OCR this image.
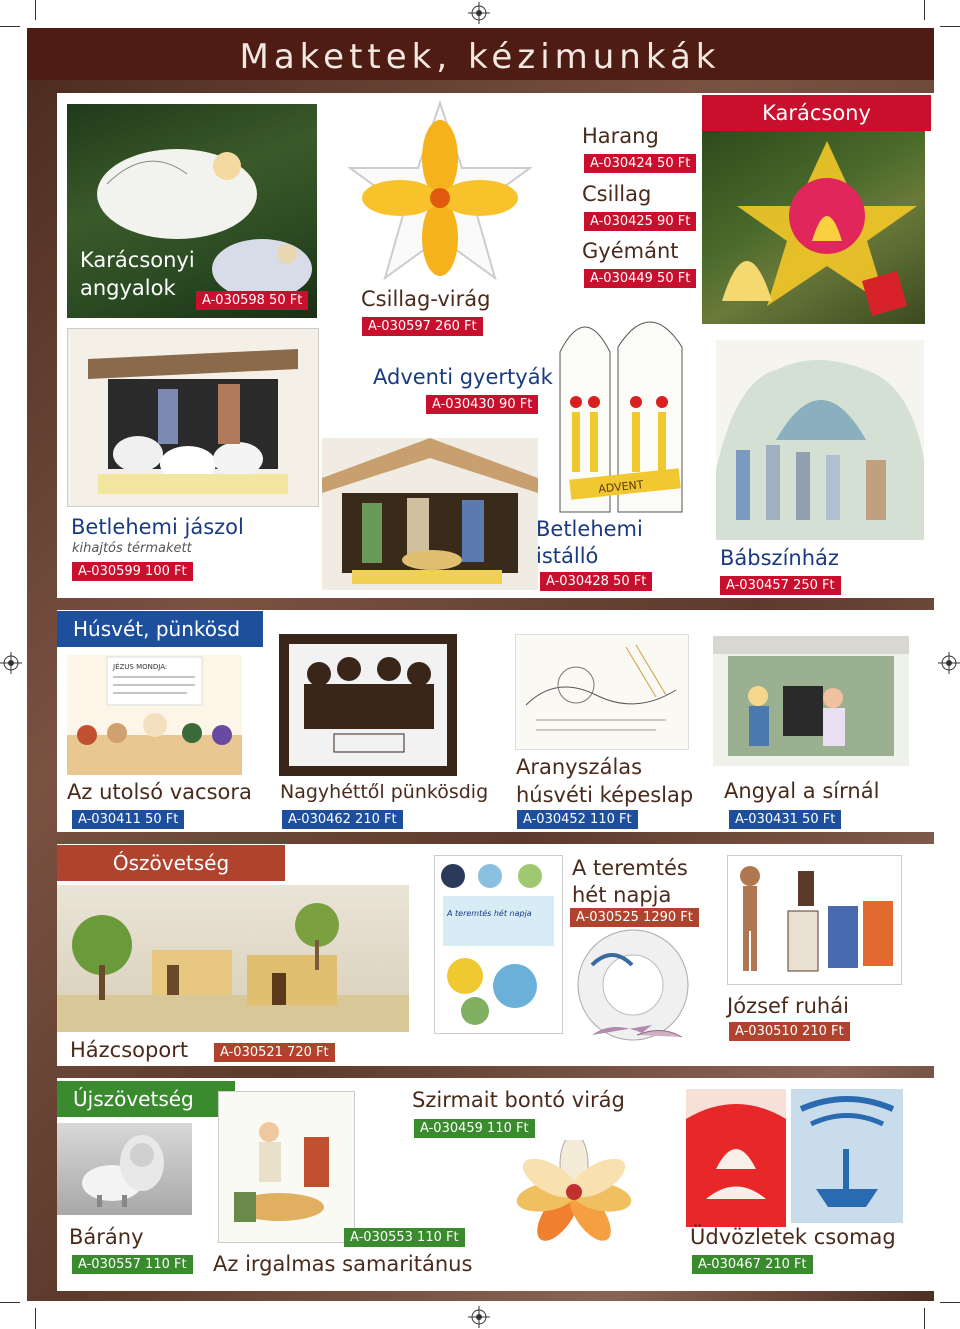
Makettek, kézimunkák
Karácsony
Karácsonyi
angyalok
A-030598 50 Ft	Csillag-virág
A-030597 260 Ft
Harang
A-030424 50 Ft
Csillag
A-030425 90 Ft
Gyémánt
A-030449 50 Ft
Betlehemi jászol
kihajtós térmakett
A-030599 100 Ft
Adventi gyertyák
A-030430 90 Ft
ADVENT
Betlehemi
istálló
A-030428 50 Ft
Bábszínház
A-030457 250 Ft
Húsvét, pünkösd
JÉZUS MONDJA:
Az utolsó vacsora
A-030411 50 Ft
Nagyhéttől pünkösdig
A-030462 210 Ft
Aranyszálas
húsvéti képeslap
A-030452 110 Ft
Angyal a sírnál
A-030431 50 Ft
Ószövetség
Házcsoport	A-030521 720 Ft
A teremtés hét napja
A teremtés
hét napja
A-030525 1290 Ft
József ruhái
A-030510 210 Ft
Újszövetség
Bárány
A-030557 110 Ft
A-030553 110 Ft
Az irgalmas samaritánus
Szirmait bontó virág
A-030459 110 Ft
Üdvözletek csomag
A-030467 210 Ft
